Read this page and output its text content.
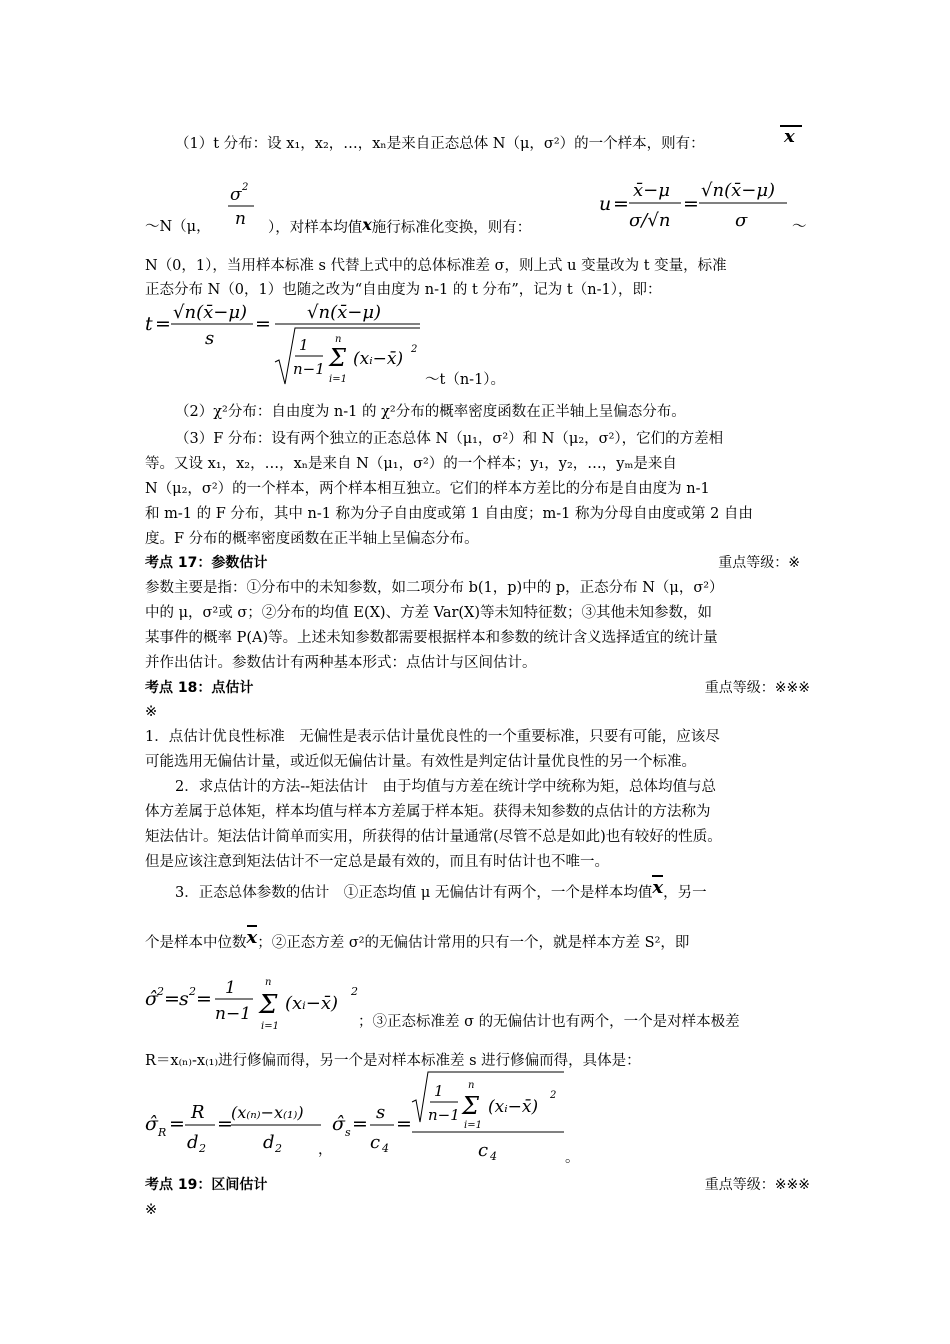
（1）t 分布：设 x₁，x₂，…，xₙ是来自正态总体 N（μ，σ²）的一个样本，则有：	x
σ 2
n
～N（μ，	），对样本均值x施行标准化变换，则有：
u =
x̄−μ
σ/√n
=
√n(x̄−μ)
σ	～
N（0，1），当用样本标准 s 代替上式中的总体标准差 σ，则上式 u 变量改为 t 变量，标准
正态分布 N（0，1）也随之改为“自由度为 n-1 的 t 分布”，记为 t（n-1），即：
t =
√n(x̄−μ)
s
=
√n(x̄−μ)
1
n−1 Σ
n
i=1
(xᵢ−x̄) 2
～t（n-1）。
（2）χ²分布：自由度为 n-1 的 χ²分布的概率密度函数在正半轴上呈偏态分布。
（3）F 分布：设有两个独立的正态总体 N（μ₁，σ²）和 N（μ₂，σ²），它们的方差相
等。又设 x₁，x₂，…，xₙ是来自 N（μ₁，σ²）的一个样本；y₁，y₂，…，yₘ是来自
N（μ₂，σ²）的一个样本，两个样本相互独立。它们的样本方差比的分布是自由度为 n-1
和 m-1 的 F 分布，其中 n-1 称为分子自由度或第 1 自由度；m-1 称为分母自由度或第 2 自由
度。F 分布的概率密度函数在正半轴上呈偏态分布。
考点 17：参数估计	重点等级：※
参数主要是指：①分布中的未知参数，如二项分布 b(1，p)中的 p，正态分布 N（μ，σ²）
中的 μ，σ²或 σ；②分布的均值 E(X)、方差 Var(X)等未知特征数；③其他未知参数，如
某事件的概率 P(A)等。上述未知参数都需要根据样本和参数的统计含义选择适宜的统计量
并作出估计。参数估计有两种基本形式：点估计与区间估计。
考点 18：点估计	重点等级：※※※
※
1．点估计优良性标准　无偏性是表示估计量优良性的一个重要标准，只要有可能，应该尽
可能选用无偏估计量，或近似无偏估计量。有效性是判定估计量优良性的另一个标准。
2．求点估计的方法--矩法估计　由于均值与方差在统计学中统称为矩，总体均值与总
体方差属于总体矩，样本均值与样本方差属于样本矩。获得未知参数的点估计的方法称为
矩法估计。矩法估计简单而实用，所获得的估计量通常(尽管不总是如此)也有较好的性质。
但是应该注意到矩法估计不一定总是最有效的，而且有时估计也不唯一。
3．正态总体参数的估计　①正态均值 μ 无偏估计有两个，一个是样本均值x，另一
个是样本中位数x；②正态方差 σ²的无偏估计常用的只有一个，就是样本方差 S²，即
σ̂ 2 = s 2 = 1
n−1 Σ
n
i=1
(xᵢ−x̄)
2
；③正态标准差 σ 的无偏估计也有两个，一个是对样本极差
R＝x₍ₙ₎-x₍₁₎进行修偏而得，另一个是对样本标准差 s 进行修偏而得，具体是：
σ̂ R =
R
d 2
=
(x₍ₙ₎−x₍₁₎)
d 2 ，
σ̂ s =
s
c 4
=
1
n−1 Σ
n
i=1
(xᵢ−x̄)
2
c 4	。
考点 19：区间估计	重点等级：※※※
※
